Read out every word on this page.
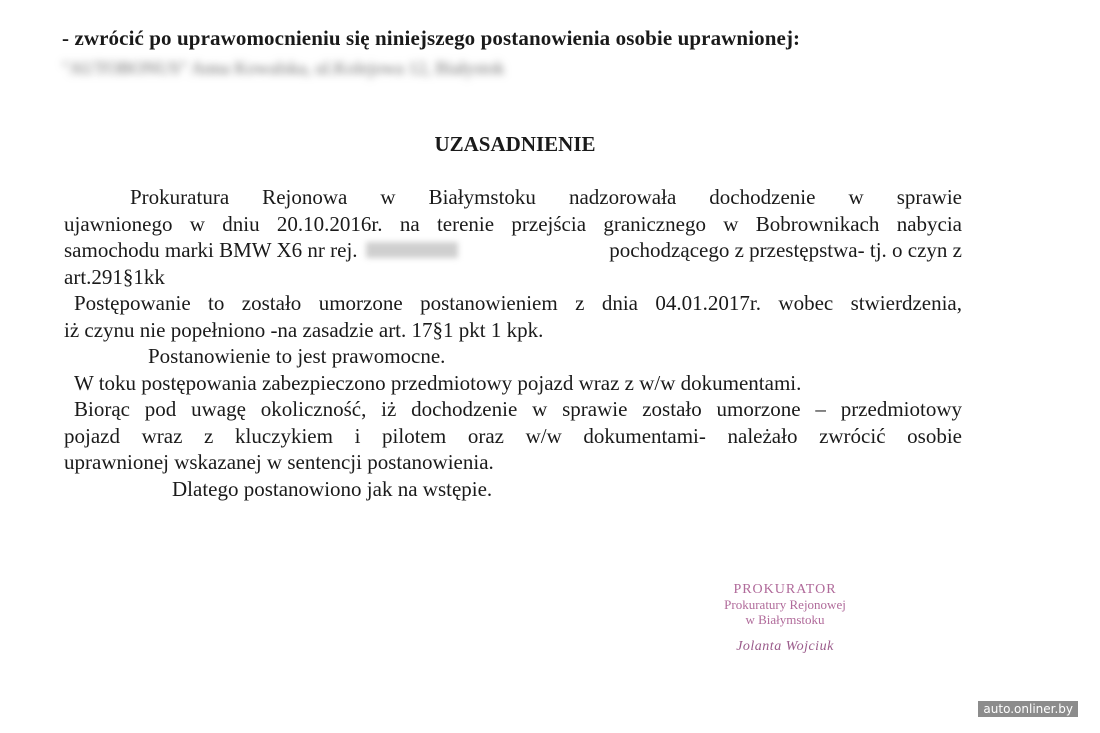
- zwrócić po uprawomocnieniu się niniejszego postanowienia osobie uprawnionej:
"AUTOBONUS" Anna Kowalska, ul.Kolejowa 12, Białystok
UZASADNIENIE
Prokuratura Rejonowa w Białymstoku nadzorowała dochodzenie w sprawie
ujawnionego w dniu 20.10.2016r. na terenie przejścia granicznego w Bobrownikach nabycia
samochodu marki BMW X6 nr rej.	pochodzącego z przestępstwa- tj. o czyn z
art.291§1kk
Postępowanie to zostało umorzone postanowieniem z dnia 04.01.2017r. wobec stwierdzenia,
iż czynu nie popełniono -na zasadzie art. 17§1 pkt 1 kpk.
Postanowienie to jest prawomocne.
W toku postępowania zabezpieczono przedmiotowy pojazd wraz z w/w dokumentami.
Biorąc pod uwagę okoliczność, iż dochodzenie w sprawie zostało umorzone – przedmiotowy
pojazd wraz z kluczykiem i pilotem oraz w/w dokumentami- należało zwrócić osobie
uprawnionej wskazanej w sentencji postanowienia.
Dlatego postanowiono jak na wstępie.
PROKURATOR
Prokuratury Rejonowej
w Białymstoku
Jolanta Wojciuk
auto.onliner.by
